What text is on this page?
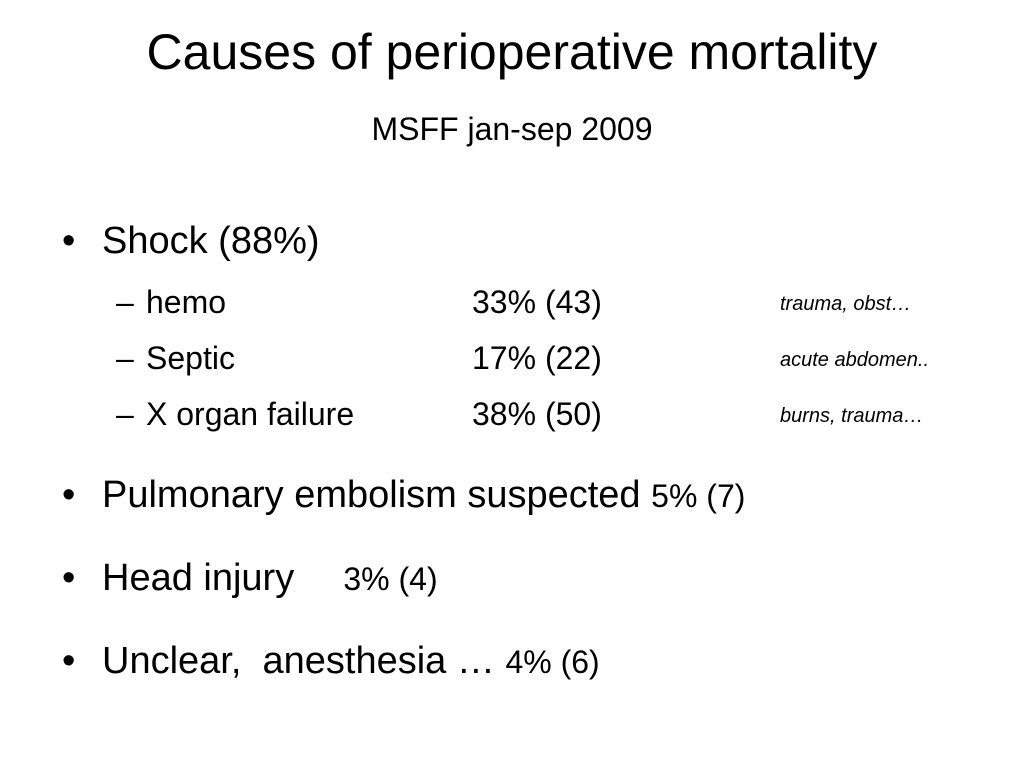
Causes of perioperative mortality
MSFF jan-sep 2009
• Shock (88%)
– hemo	33% (43)	trauma, obst…
– Septic	17% (22)	acute abdomen..
– X organ failure	38% (50)	burns, trauma…
• Pulmonary embolism suspected 5% (7)
• Head injury 3% (4)
• Unclear,  anesthesia … 4% (6)
